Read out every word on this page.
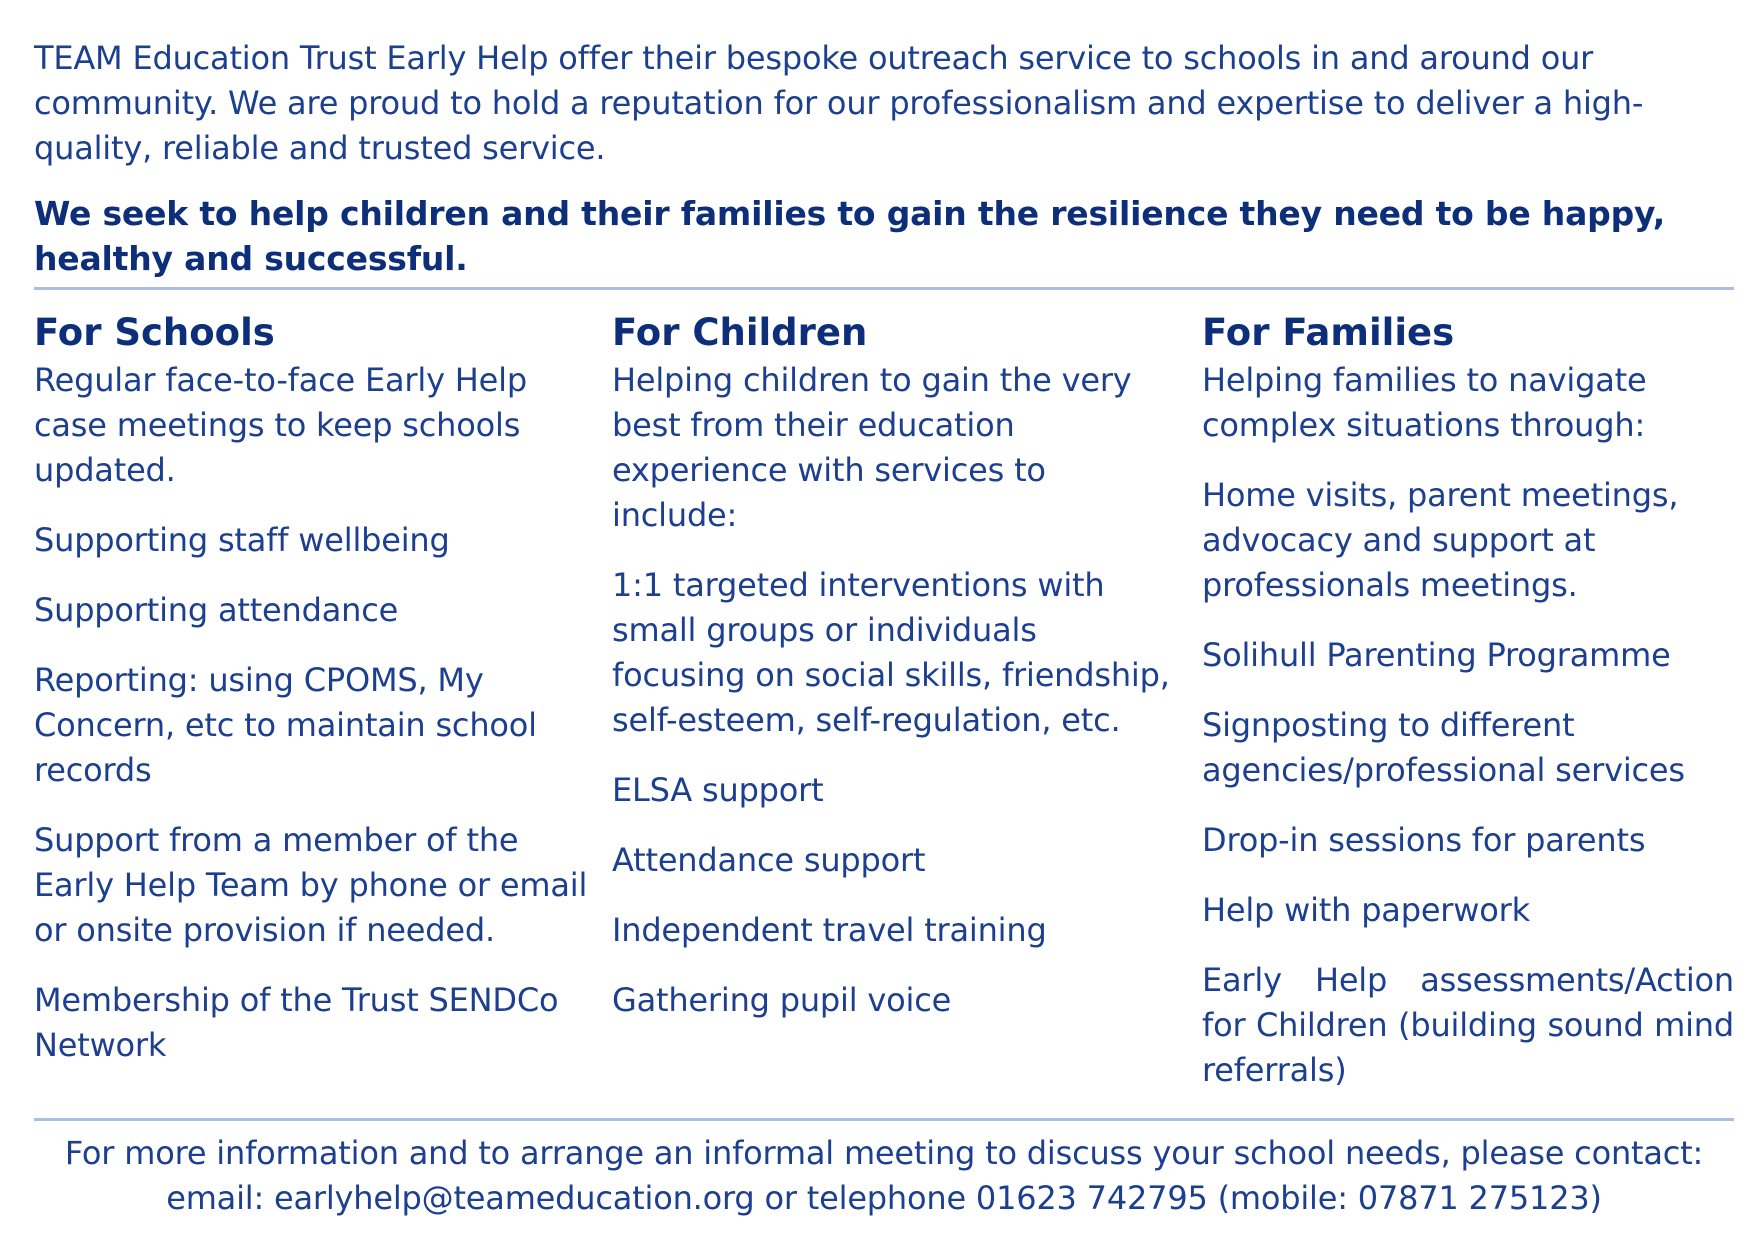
TEAM Education Trust Early Help offer their bespoke outreach service to schools in and around our community. We are proud to hold a reputation for our professionalism and expertise to deliver a high-quality, reliable and trusted service.

We seek to help children and their families to gain the resilience they need to be happy, healthy and successful.

For Schools

Regular face-to-face Early Help case meetings to keep schools updated.

Supporting staff wellbeing

Supporting attendance

Reporting: using CPOMS, My Concern, etc to maintain school records

Support from a member of the Early Help Team by phone or email or onsite provision if needed.

Membership of the Trust SENDCo Network

For Children

Helping children to gain the very best from their education experience with services to include:

1:1 targeted interventions with small groups or individuals focusing on social skills, friendship, self-esteem, self-regulation, etc.

ELSA support

Attendance support

Independent travel training

Gathering pupil voice

For Families

Helping families to navigate complex situations through:

Home visits, parent meetings, advocacy and support at professionals meetings.

Solihull Parenting Programme

Signposting to different agencies/professional services

Drop-in sessions for parents

Help with paperwork

Early Help assessments/Action for Children (building sound mind referrals)

For more information and to arrange an informal meeting to discuss your school needs, please contact:
email: earlyhelp@teameducation.org or telephone 01623 742795 (mobile: 07871 275123)
